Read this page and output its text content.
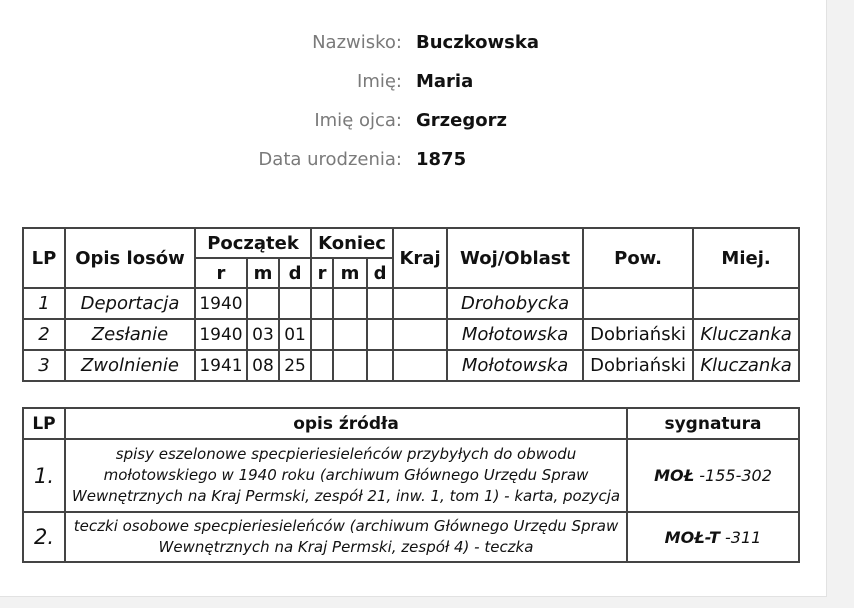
Nazwisko: Buczkowska
Imię: Maria
Imię ojca: Grzegorz
Data urodzenia: 1875
LP	Opis losów	Początek			Koniec			Kraj	Woj/Oblast	Pow.	Miej.
		r	m	d	r	m	d				
1	Deportacja	1940							Drohobycka		
2	Zesłanie	1940	03	01					Mołotowska	Dobriański	Kluczanka
3	Zwolnienie	1941	08	25					Mołotowska	Dobriański	Kluczanka
LP	opis źródła	sygnatura
1.	spisy eszelonowe specpieriesieleńców przybyłych do obwodu mołotowskiego w 1940 roku (archiwum Głównego Urzędu Spraw Wewnętrznych na Kraj Permski, zespół 21, inw. 1, tom 1) - karta, pozycja	MOŁ -155-302
2.	teczki osobowe specpieriesieleńców (archiwum Głównego Urzędu Spraw Wewnętrznych na Kraj Permski, zespół 4) - teczka	MOŁ-T -311
